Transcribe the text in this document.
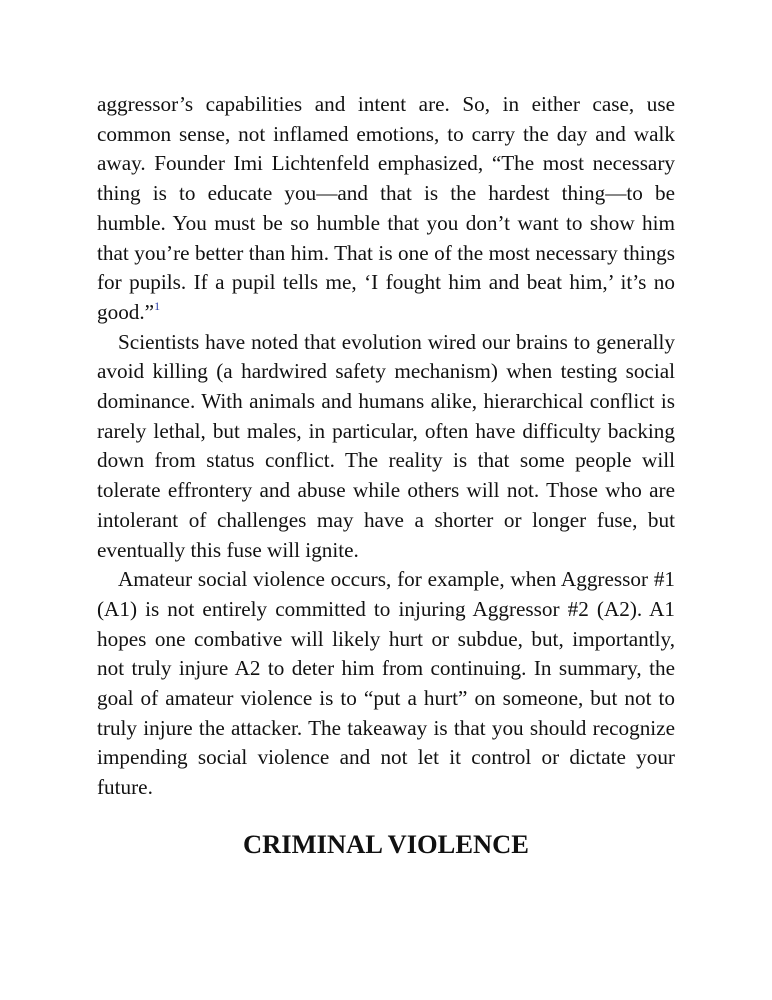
aggressor’s capabilities and intent are. So, in either case, use common sense, not inflamed emotions, to carry the day and walk away. Founder Imi Lichtenfeld emphasized, “The most necessary thing is to educate you—and that is the hardest thing—to be humble. You must be so humble that you don’t want to show him that you’re better than him. That is one of the most necessary things for pupils. If a pupil tells me, ‘I fought him and beat him,’ it’s no good.”$^1$

Scientists have noted that evolution wired our brains to generally avoid killing (a hardwired safety mechanism) when testing social dominance. With animals and humans alike, hierarchical conflict is rarely lethal, but males, in particular, often have difficulty backing down from status conflict. The reality is that some people will tolerate effrontery and abuse while others will not. Those who are intolerant of challenges may have a shorter or longer fuse, but eventually this fuse will ignite.

Amateur social violence occurs, for example, when Aggressor #1 (A1) is not entirely committed to injuring Aggressor #2 (A2). A1 hopes one combative will likely hurt or subdue, but, importantly, not truly injure A2 to deter him from continuing. In summary, the goal of amateur violence is to “put a hurt” on someone, but not to truly injure the attacker. The takeaway is that you should recognize impending social violence and not let it control or dictate your future.

CRIMINAL VIOLENCE
